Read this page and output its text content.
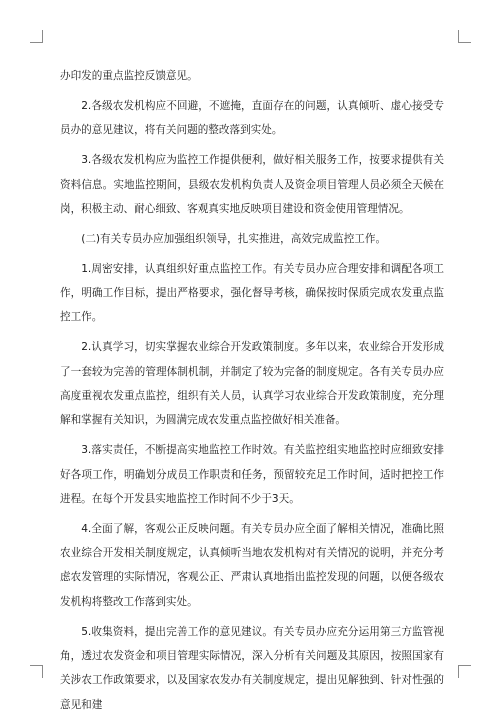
办印发的重点监控反馈意见。

2.各级农发机构应不回避，不遮掩，直面存在的问题，认真倾听、虚心接受专员办的意见建议，将有关问题的整改落到实处。

3.各级农发机构应为监控工作提供便利，做好相关服务工作，按要求提供有关资料信息。实地监控期间，县级农发机构负责人及资金项目管理人员必须全天候在岗，积极主动、耐心细致、客观真实地反映项目建设和资金使用管理情况。

(二)有关专员办应加强组织领导，扎实推进，高效完成监控工作。

1.周密安排，认真组织好重点监控工作。有关专员办应合理安排和调配各项工作，明确工作目标，提出严格要求，强化督导考核，确保按时保质完成农发重点监控工作。

2.认真学习，切实掌握农业综合开发政策制度。多年以来，农业综合开发形成了一套较为完善的管理体制机制，并制定了较为完备的制度规定。各有关专员办应高度重视农发重点监控，组织有关人员，认真学习农业综合开发政策制度，充分理解和掌握有关知识，为圆满完成农发重点监控做好相关准备。

3.落实责任，不断提高实地监控工作时效。有关监控组实地监控时应细致安排好各项工作，明确划分成员工作职责和任务，预留较充足工作时间，适时把控工作进程。在每个开发县实地监控工作时间不少于3天。

4.全面了解，客观公正反映问题。有关专员办应全面了解相关情况，准确比照农业综合开发相关制度规定，认真倾听当地农发机构对有关情况的说明，并充分考虑农发管理的实际情况，客观公正、严肃认真地指出监控发现的问题，以便各级农发机构将整改工作落到实处。

5.收集资料，提出完善工作的意见建议。有关专员办应充分运用第三方监管视角，透过农发资金和项目管理实际情况，深入分析有关问题及其原因，按照国家有关涉农工作政策要求，以及国家农发办有关制度规定，提出见解独到、针对性强的意见和建
